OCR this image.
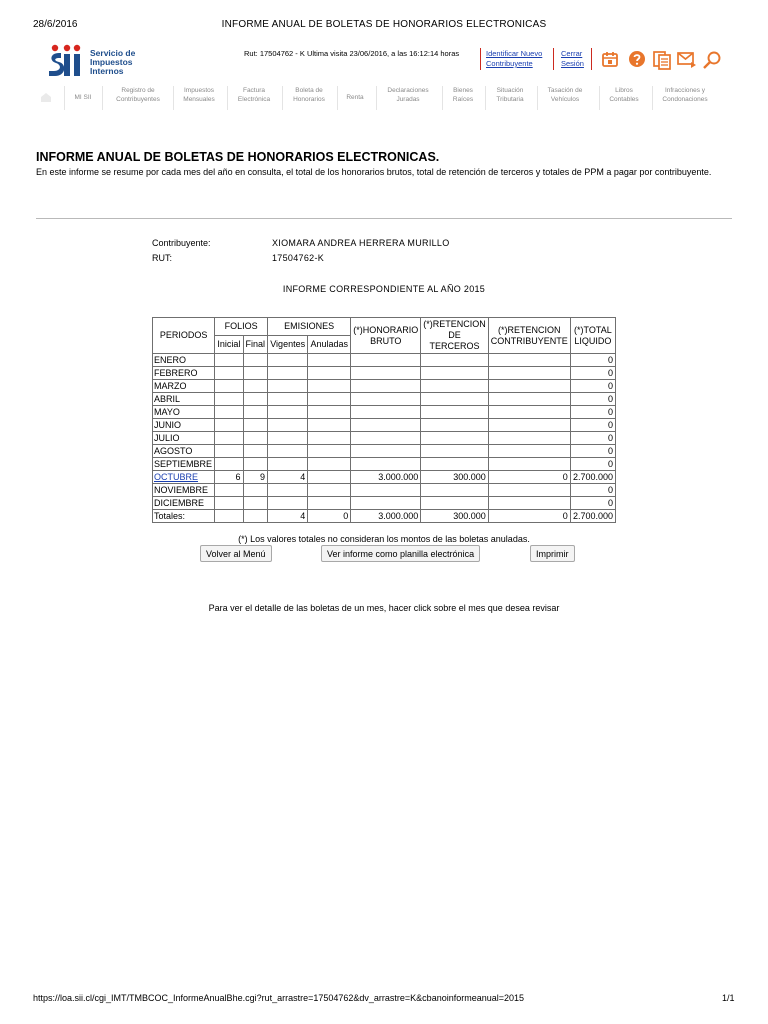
28/6/2016	INFORME ANUAL DE BOLETAS DE HONORARIOS ELECTRONICAS
Servicio de
Impuestos
Internos
Rut: 17504762 - K Ultima visita 23/06/2016, a las 16:12:14 horas	Identificar Nuevo
Contribuyente
Cerrar
Sesión
MI SII
Registro de
Contribuyentes
Impuestos
Mensuales
Factura
Electrónica
Boleta de
Honorarios	Renta
Declaraciones
Juradas
Bienes
Raíces
Situación
Tributaria
Tasación de
Vehículos
Libros
Contables
Infracciones y
Condonaciones
INFORME ANUAL DE BOLETAS DE HONORARIOS ELECTRONICAS.

En este informe se resume por cada mes del año en consulta, el total de los honorarios brutos, total de retención de terceros y totales de PPM a pagar por contribuyente.

Contribuyente:	XIOMARA ANDREA HERRERA MURILLO
RUT:	17504762-K
INFORME CORRESPONDIENTE AL AÑO 2015
PERIODOS	FOLIOS		EMISIONES		(*)HONORARIO BRUTO	(*)RETENCION DE TERCEROS	(*)RETENCION CONTRIBUYENTE	(*)TOTAL LIQUIDO
	Inicial	Final	Vigentes	Anuladas				
ENERO								0
FEBRERO								0
MARZO								0
ABRIL								0
MAYO								0
JUNIO								0
JULIO								0
AGOSTO								0
SEPTIEMBRE								0
OCTUBRE	6	9	4		3.000.000	300.000	0	2.700.000
NOVIEMBRE								0
DICIEMBRE								0
Totales:			4	0	3.000.000	300.000	0	2.700.000
(*) Los valores totales no consideran los montos de las boletas anuladas.
Volver al Menú	Ver informe como planilla electrónica	Imprimir
Para ver el detalle de las boletas de un mes, hacer click sobre el mes que desea revisar
https://loa.sii.cl/cgi_IMT/TMBCOC_InformeAnualBhe.cgi?rut_arrastre=17504762&dv_arrastre=K&cbanoinformeanual=2015	1/1
